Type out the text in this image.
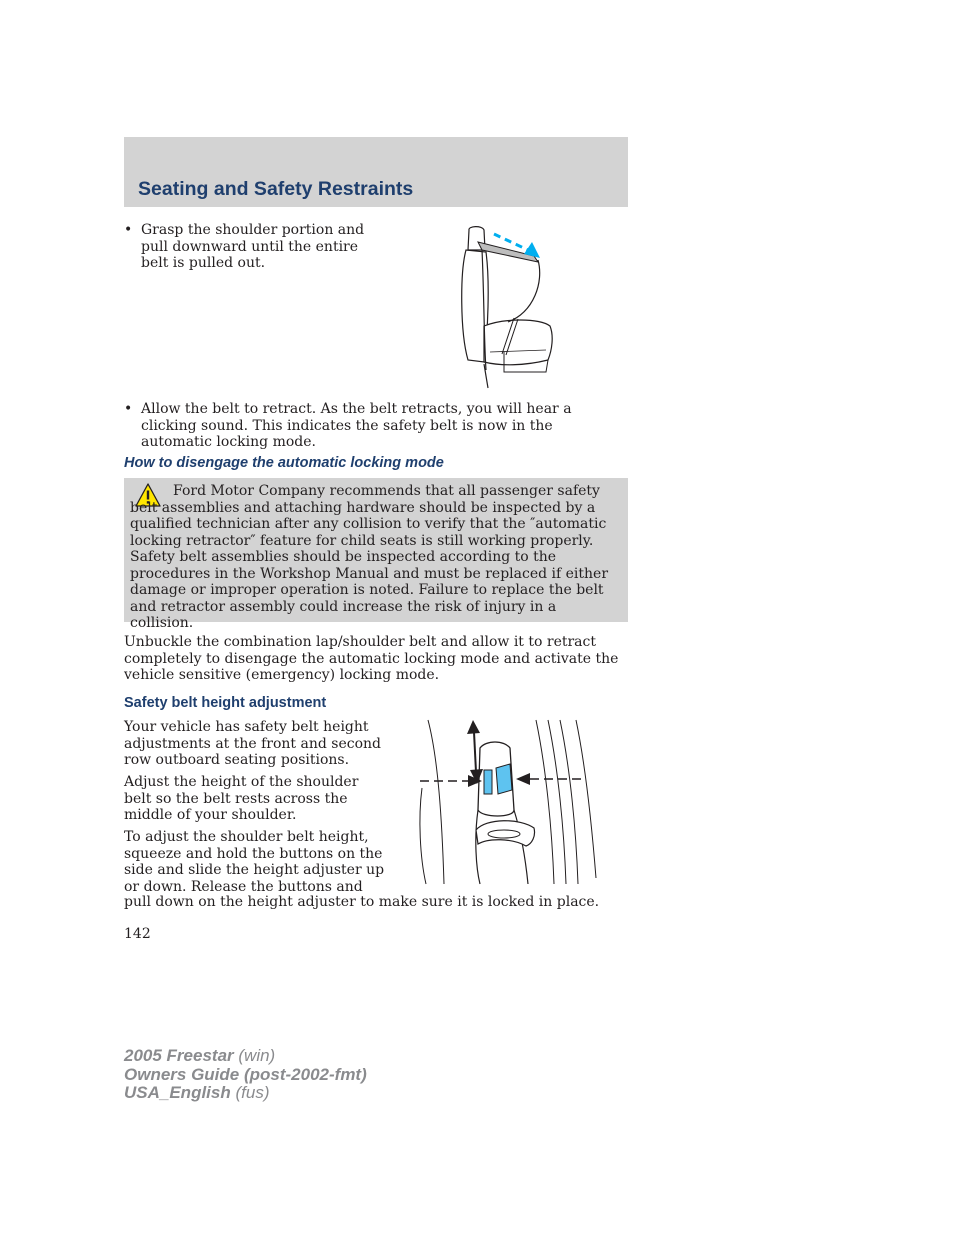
Seating and Safety Restraints
• Grasp the shoulder portion and pull downward until the entire belt is pulled out.
• Allow the belt to retract. As the belt retracts, you will hear a clicking sound. This indicates the safety belt is now in the automatic locking mode.
How to disengage the automatic locking mode

Ford Motor Company recommends that all passenger safety belt assemblies and attaching hardware should be inspected by a qualified technician after any collision to verify that the ″automatic locking retractor″ feature for child seats is still working properly. Safety belt assemblies should be inspected according to the procedures in the Workshop Manual and must be replaced if either damage or improper operation is noted. Failure to replace the belt and retractor assembly could increase the risk of injury in a collision.

Unbuckle the combination lap/shoulder belt and allow it to retract completely to disengage the automatic locking mode and activate the vehicle sensitive (emergency) locking mode.

Safety belt height adjustment

Your vehicle has safety belt height adjustments at the front and second row outboard seating positions.

Adjust the height of the shoulder belt so the belt rests across the middle of your shoulder.

To adjust the shoulder belt height, squeeze and hold the buttons on the side and slide the height adjuster up or down. Release the buttons and

pull down on the height adjuster to make sure it is locked in place.

142

2005 Freestar (win)
Owners Guide (post-2002-fmt)
USA_English (fus)
